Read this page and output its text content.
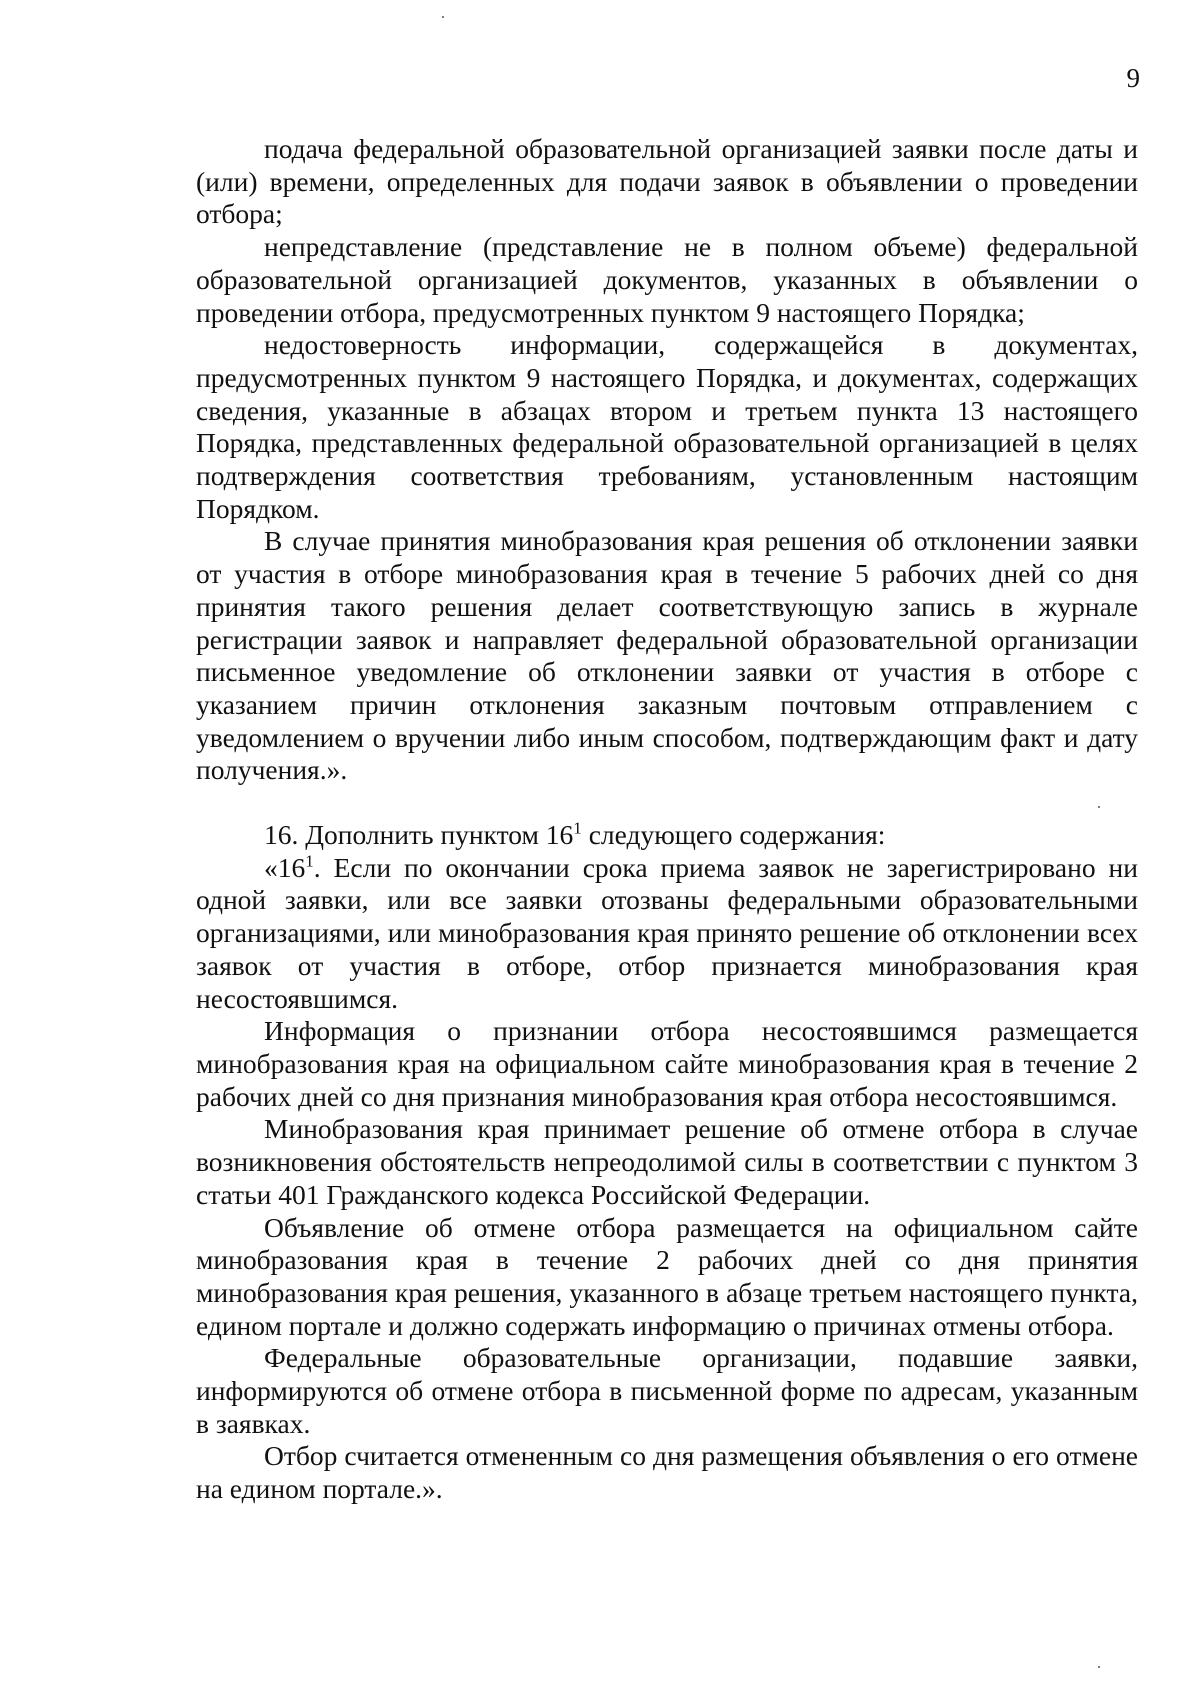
9

подача федеральной образовательной организацией заявки после даты и (или) времени, определенных для подачи заявок в объявлении о проведении отбора;

непредставление (представление не в полном объеме) федеральной образовательной организацией документов, указанных в объявлении о проведении отбора, предусмотренных пунктом 9 настоящего Порядка;

недостоверность информации, содержащейся в документах, предусмотренных пунктом 9 настоящего Порядка, и документах, содержащих сведения, указанные в абзацах втором и третьем пункта 13 настоящего Порядка, представленных федеральной образовательной организацией в целях подтверждения соответствия требованиям, установленным настоящим Порядком.

В случае принятия минобразования края решения об отклонении заявки от участия в отборе минобразования края в течение 5 рабочих дней со дня принятия такого решения делает соответствующую запись в журнале регистрации заявок и направляет федеральной образовательной организации письменное уведомление об отклонении заявки от участия в отборе с указанием причин отклонения заказным почтовым отправлением с уведомлением о вручении либо иным способом, подтверждающим факт и дату получения.».

16. Дополнить пунктом $16^1$ следующего содержания:

«$16^1$. Если по окончании срока приема заявок не зарегистрировано ни одной заявки, или все заявки отозваны федеральными образовательными организациями, или минобразования края принято решение об отклонении всех заявок от участия в отборе, отбор признается минобразования края несостоявшимся.

Информация о признании отбора несостоявшимся размещается минобразования края на официальном сайте минобразования края в течение 2 рабочих дней со дня признания минобразования края отбора несостоявшимся.

Минобразования края принимает решение об отмене отбора в случае возникновения обстоятельств непреодолимой силы в соответствии с пунктом 3 статьи 401 Гражданского кодекса Российской Федерации.

Объявление об отмене отбора размещается на официальном сайте минобразования края в течение 2 рабочих дней со дня принятия минобразования края решения, указанного в абзаце третьем настоящего пункта, едином портале и должно содержать информацию о причинах отмены отбора.

Федеральные образовательные организации, подавшие заявки, информируются об отмене отбора в письменной форме по адресам, указанным в заявках.

Отбор считается отмененным со дня размещения объявления о его отмене на едином портале.».
